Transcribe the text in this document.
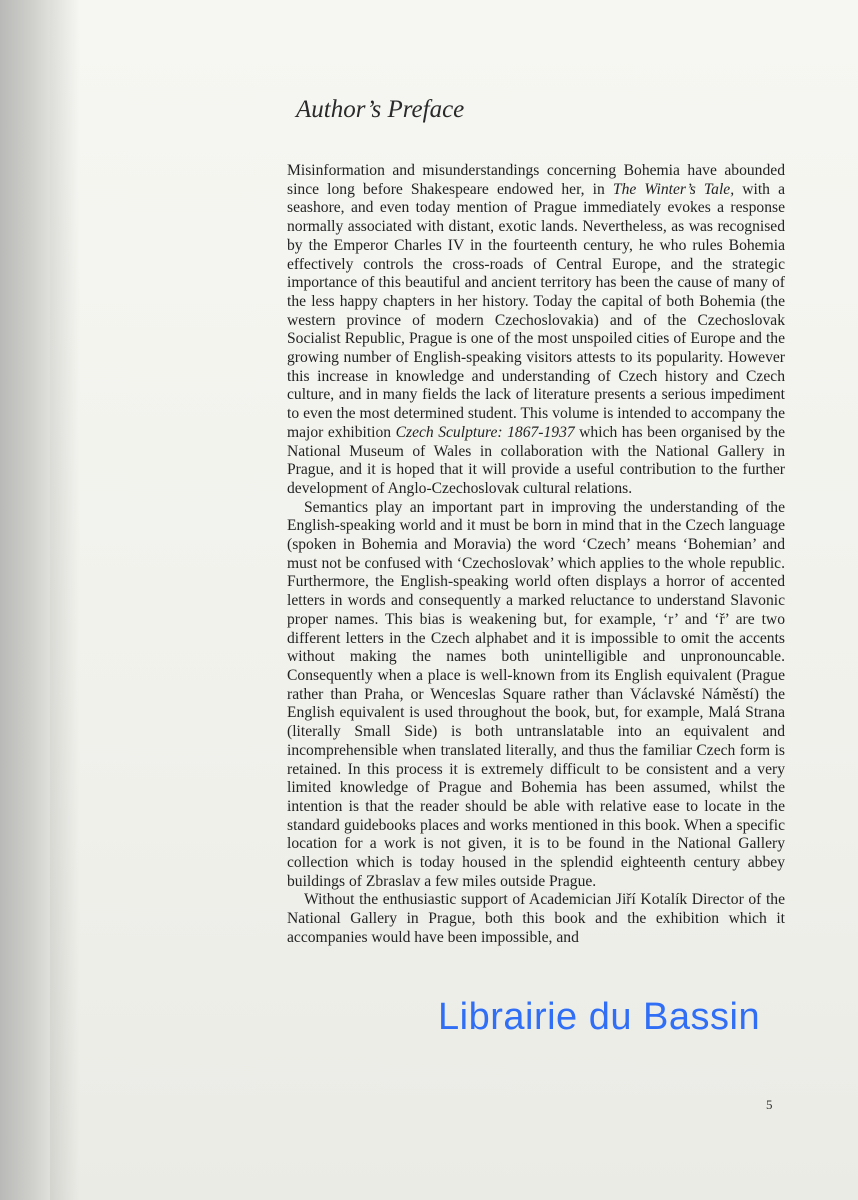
Author’s Preface

Misinformation and misunderstandings concerning Bohemia have abounded since long before Shakespeare endowed her, in The Winter’s Tale, with a seashore, and even today mention of Prague immediately evokes a response normally associated with distant, exotic lands. Nevertheless, as was recognised by the Emperor Charles IV in the fourteenth century, he who rules Bohemia effectively controls the cross-roads of Central Europe, and the strategic importance of this beautiful and ancient territory has been the cause of many of the less happy chapters in her history. Today the capital of both Bohemia (the western province of modern Czechoslovakia) and of the Czechoslovak Socialist Republic, Prague is one of the most unspoiled cities of Europe and the growing number of English-speaking visitors attests to its popularity. However this increase in knowledge and understanding of Czech history and Czech culture, and in many fields the lack of literature presents a serious impediment to even the most determined student. This volume is intended to accompany the major exhibition Czech Sculpture: 1867-1937 which has been organised by the National Museum of Wales in collaboration with the National Gallery in Prague, and it is hoped that it will provide a useful contribution to the further development of Anglo-Czechoslovak cultural relations.

Semantics play an important part in improving the understanding of the English-speaking world and it must be born in mind that in the Czech language (spoken in Bohemia and Moravia) the word ‘Czech’ means ‘Bohemian’ and must not be confused with ‘Czechoslovak’ which applies to the whole republic. Furthermore, the English-speaking world often displays a horror of accented letters in words and consequently a marked reluctance to understand Slavonic proper names. This bias is weakening but, for example, ‘r’ and ‘ř’ are two different letters in the Czech alphabet and it is impossible to omit the accents without making the names both unintelligible and unpronouncable. Consequently when a place is well-known from its English equivalent (Prague rather than Praha, or Wenceslas Square rather than Václavské Náměstí) the English equivalent is used throughout the book, but, for example, Malá Strana (literally Small Side) is both untranslatable into an equivalent and incomprehensible when translated literally, and thus the familiar Czech form is retained. In this process it is extremely difficult to be consistent and a very limited knowledge of Prague and Bohemia has been assumed, whilst the intention is that the reader should be able with relative ease to locate in the standard guidebooks places and works mentioned in this book. When a specific location for a work is not given, it is to be found in the National Gallery collection which is today housed in the splendid eighteenth century abbey buildings of Zbraslav a few miles outside Prague.

Without the enthusiastic support of Academician Jiří Kotalík Director of the National Gallery in Prague, both this book and the exhibition which it accompanies would have been impossible, and

Librairie du Bassin
5
